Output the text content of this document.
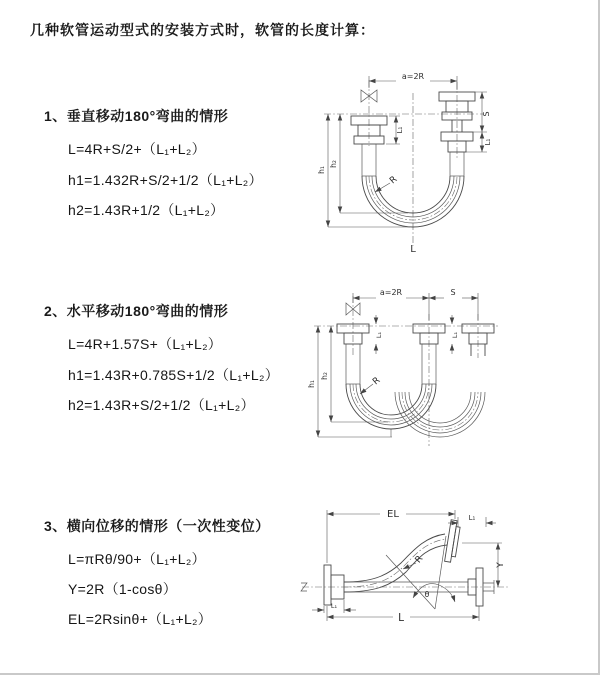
几种软管运动型式的安装方式时，软管的长度计算：
1、垂直移动180°弯曲的情形
L=4R+S/2+（L₁+L₂）
h1=1.432R+S/2+1/2（L₁+L₂）
h2=1.43R+1/2（L₁+L₂）
2、水平移动180°弯曲的情形
L=4R+1.57S+（L₁+L₂）
h1=1.43R+0.785S+1/2（L₁+L₂）
h2=1.43R+S/2+1/2（L₁+L₂）
3、横向位移的情形（一次性变位）
L=πRθ/90+（L₁+L₂）
Y=2R（1-cosθ）
EL=2Rsinθ+（L₁+L₂）
a=2R
S
L₁
L₁
h₁
h₂
R
L
a=2R	S
L₁	L₁
h₁
h₂	R
θ
R
EL	L₁
Y
L
L₁
